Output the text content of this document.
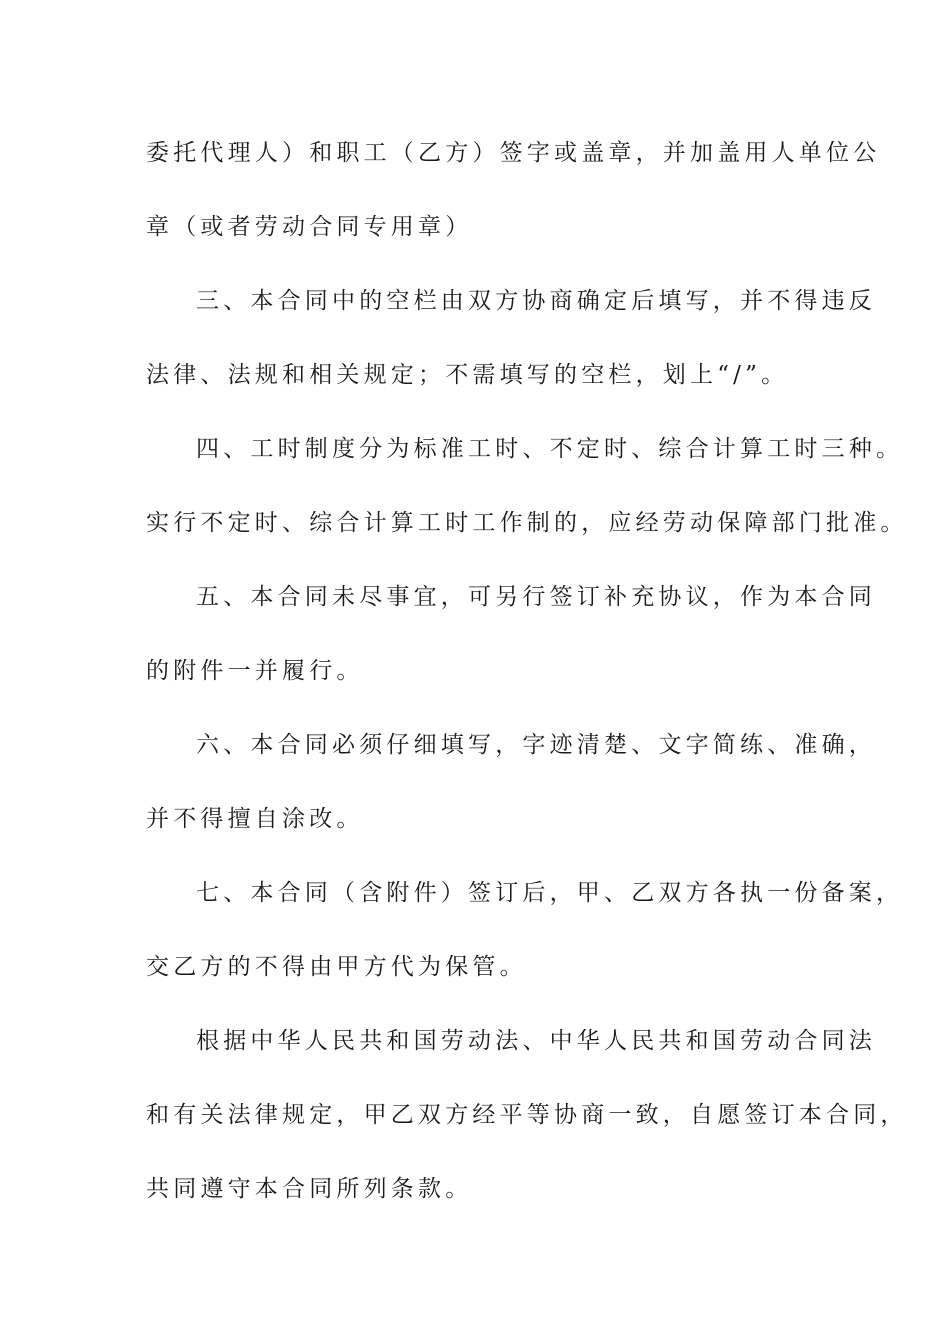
委托代理人）和职工（乙方）签字或盖章，并加盖用人单位公
章（或者劳动合同专用章）
三、本合同中的空栏由双方协商确定后填写，并不得违反
法律、法规和相关规定；不需填写的空栏，划上“/”。
四、工时制度分为标准工时、不定时、综合计算工时三种。
实行不定时、综合计算工时工作制的，应经劳动保障部门批准。
五、本合同未尽事宜，可另行签订补充协议，作为本合同
的附件一并履行。
六、本合同必须仔细填写，字迹清楚、文字简练、准确，
并不得擅自涂改。
七、本合同（含附件）签订后，甲、乙双方各执一份备案，
交乙方的不得由甲方代为保管。
根据中华人民共和国劳动法、中华人民共和国劳动合同法
和有关法律规定，甲乙双方经平等协商一致，自愿签订本合同，
共同遵守本合同所列条款。
